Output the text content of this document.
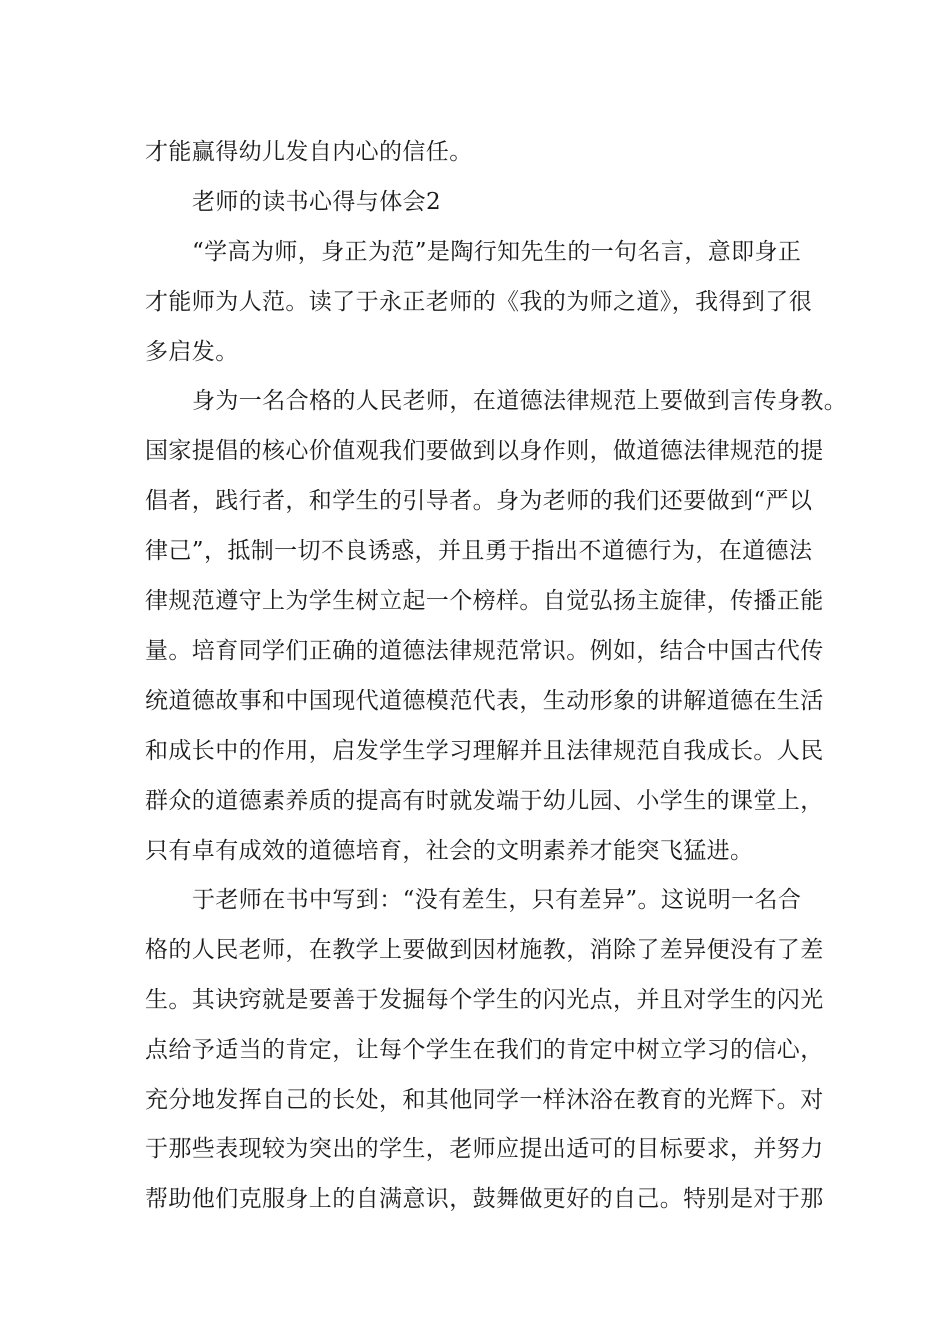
才能赢得幼儿发自内心的信任。
老师的读书心得与体会2
“学高为师，身正为范”是陶行知先生的一句名言，意即身正
才能师为人范。读了于永正老师的《我的为师之道》，我得到了很
多启发。
身为一名合格的人民老师，在道德法律规范上要做到言传身教。
国家提倡的核心价值观我们要做到以身作则，做道德法律规范的提
倡者，践行者，和学生的引导者。身为老师的我们还要做到“严以
律己”，抵制一切不良诱惑，并且勇于指出不道德行为，在道德法
律规范遵守上为学生树立起一个榜样。自觉弘扬主旋律，传播正能
量。培育同学们正确的道德法律规范常识。例如，结合中国古代传
统道德故事和中国现代道德模范代表，生动形象的讲解道德在生活
和成长中的作用，启发学生学习理解并且法律规范自我成长。人民
群众的道德素养质的提高有时就发端于幼儿园、小学生的课堂上，
只有卓有成效的道德培育，社会的文明素养才能突飞猛进。
于老师在书中写到：“没有差生，只有差异”。这说明一名合
格的人民老师，在教学上要做到因材施教，消除了差异便没有了差
生。其诀窍就是要善于发掘每个学生的闪光点，并且对学生的闪光
点给予适当的肯定，让每个学生在我们的肯定中树立学习的信心，
充分地发挥自己的长处，和其他同学一样沐浴在教育的光辉下。对
于那些表现较为突出的学生，老师应提出适可的目标要求，并努力
帮助他们克服身上的自满意识，鼓舞做更好的自己。特别是对于那
